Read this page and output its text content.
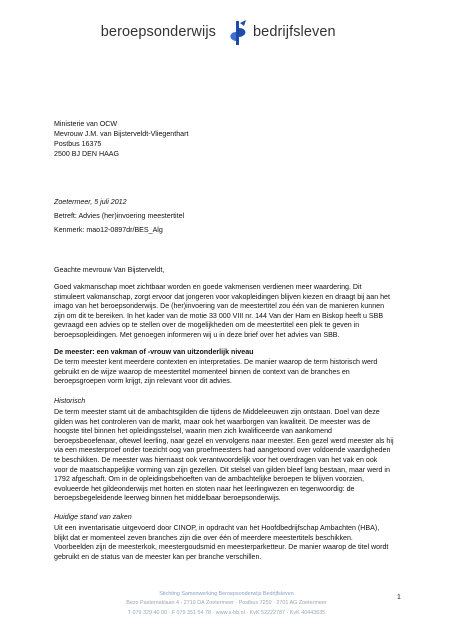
beroepsonderwijs	bedrijfsleven
Ministerie van OCW
Mevrouw J.M. van Bijsterveldt-Vliegenthart
Postbus 16375
2500 BJ DEN HAAG
Zoetermeer, 5 juli 2012
Betreft: Advies (her)invoering meestertitel
Kenmerk: mao12-0897dr/BES_Alg
Geachte mevrouw Van Bijsterveldt,
Goed vakmanschap moet zichtbaar worden en goede vakmensen verdienen meer waardering. Dit
stimuleert vakmanschap, zorgt ervoor dat jongeren voor vakopleidingen blijven kiezen en draagt bij aan het
imago van het beroepsonderwijs. De (her)invoering van de meestertitel zou één van de manieren kunnen
zijn om dit te bereiken. In het kader van de motie 33 000 VIII nr. 144 Van der Ham en Biskop heeft u SBB
gevraagd een advies op te stellen over de mogelijkheden om de meestertitel een plek te geven in
beroepsopleidingen. Met genoegen informeren wij u in deze brief over het advies van SBB.
De meester: een vakman of -vrouw van uitzonderlijk niveau
De term meester kent meerdere contexten en interpretaties. De manier waarop de term historisch werd
gebruikt en de wijze waarop de meestertitel momenteel binnen de context van de branches en
beroepsgroepen vorm krijgt, zijn relevant voor dit advies.
Historisch
De term meester stamt uit de ambachtsgilden die tijdens de Middeleeuwen zijn ontstaan. Doel van deze
gilden was het controleren van de markt, maar ook het waarborgen van kwaliteit. De meester was de
hoogste titel binnen het opleidingsstelsel, waarin men zich kwalificeerde van aankomend
beroepsbeoefenaar, oftewel leerling, naar gezel en vervolgens naar meester. Een gezel werd meester als hij
via een meesterproef onder toezicht oog van proefmeesters had aangetoond over voldoende vaardigheden
te beschikken. De meester was hiernaast ook verantwoordelijk voor het overdragen van het vak en ook
voor de maatschappelijke vorming van zijn gezellen. Dit stelsel van gilden bleef lang bestaan, maar werd in
1792 afgeschaft. Om in de opleidingsbehoeften van de ambachtelijke beroepen te blijven voorzien,
evolueerde het gildeonderwijs met horten en stoten naar het leerlingwezen en tegenwoordig: de
beroepsbegeleidende leerweg binnen het middelbaar beroepsonderwijs.
Huidige stand van zaken
Uit een inventarisatie uitgevoerd door CINOP, in opdracht van het Hoofdbedrijfschap Ambachten (HBA),
blijkt dat er momenteel zeven branches zijn die over één of meerdere meestertitels beschikken.
Voorbeelden zijn de meesterkok, meestergoudsmid en meesterparketteur. De manier waarop de titel wordt
gebruikt en de status van de meester kan per branche verschillen.
1
Stichting Samenwerking Beroepsonderwijs Bedrijfsleven
Bezo Pasternaklaan 4 · 2719 DA Zoetermeer · Postbus 7259 · 2701 AG Zoetermeer
T 079 329 40 00 · F 079 351 54 78 · www.s-bb.nl · KvK 52222787 · KvK 40443635
